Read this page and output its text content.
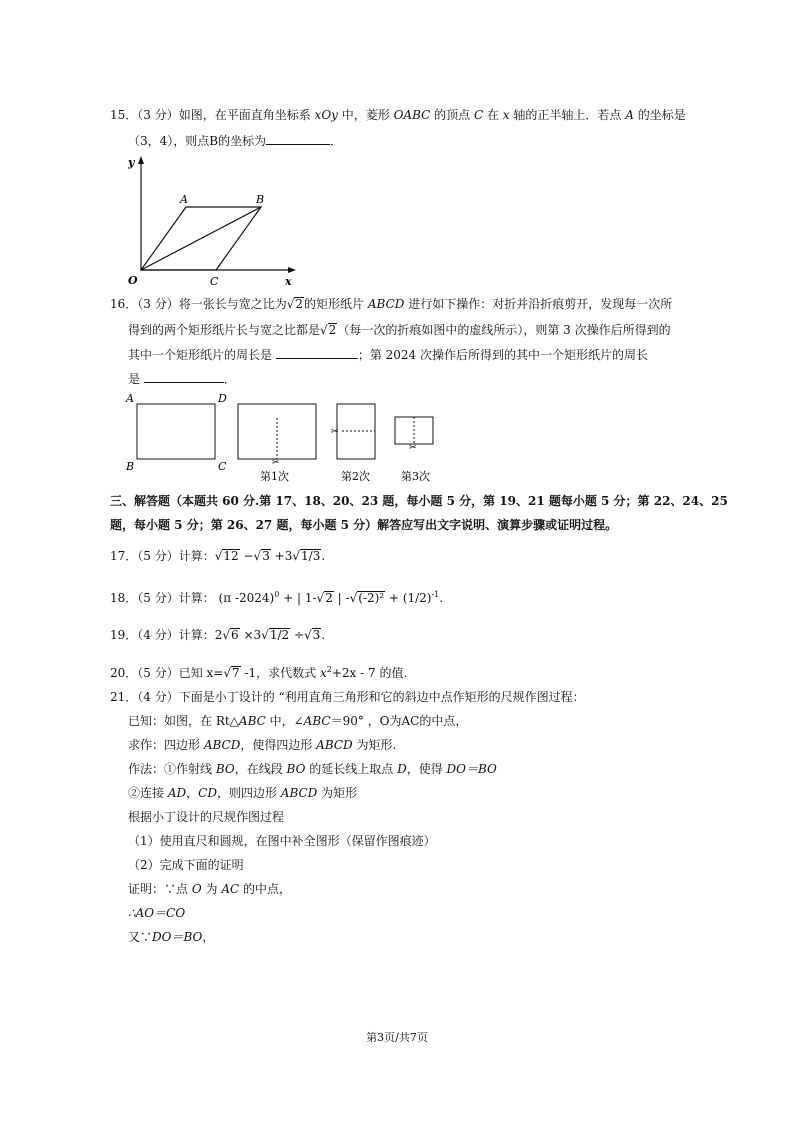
15．（3 分）如图，在平面直角坐标系 xOy 中，菱形 OABC 的顶点 C 在 x 轴的正半轴上．若点 A 的坐标是
（3，4），则点B的坐标为	．
y
x
O
A	B
C
16．（3 分）将一张长与宽之比为√2的矩形纸片 ABCD 进行如下操作：对折并沿折痕剪开，发现每一次所
得到的两个矩形纸片长与宽之比都是√2（每一次的折痕如图中的虚线所示），则第 3 次操作后所得到的
其中一个矩形纸片的周长是	；第 2024 次操作后所得到的其中一个矩形纸片的周长
是	．
A	D
B	C	✂
第1次
✂
第2次
✂
第3次
三、解答题（本题共 60 分.第 17、18、20、23 题，每小题 5 分，第 19、21 题每小题 5 分；第 22、24、25
题，每小题 5 分；第 26、27 题，每小题 5 分）解答应写出文字说明、演算步骤或证明过程。
17．（5 分）计算：√12 −√3 +3√1/3.
18．（5 分）计算： (π -2024)$^0$ + | 1-√2 | $-√(-2)^2 + (1/2)^{-1}$.
19．（4 分）计算：2√6 ×3√1/2 ÷√3.
20．（5 分）已知 x=√7 -1，求代数式 $x^2+2x - 7$ 的值.
21．（4 分）下面是小丁设计的 “利用直角三角形和它的斜边中点作矩形的尺规作图过程：
已知：如图，在 Rt△ABC 中，∠ABC＝90° ，O为AC的中点，
求作：四边形 ABCD，使得四边形 ABCD 为矩形.
作法：①作射线 BO，在线段 BO 的延长线上取点 D，使得 DO＝BO
②连接 AD，CD，则四边形 ABCD 为矩形
根据小丁设计的尺规作图过程
（1）使用直尺和圆规，在图中补全图形（保留作图痕迹）
（2）完成下面的证明
证明：∵点 O 为 AC 的中点，
∴AO＝CO
又∵DO＝BO，
第3页/共7页
